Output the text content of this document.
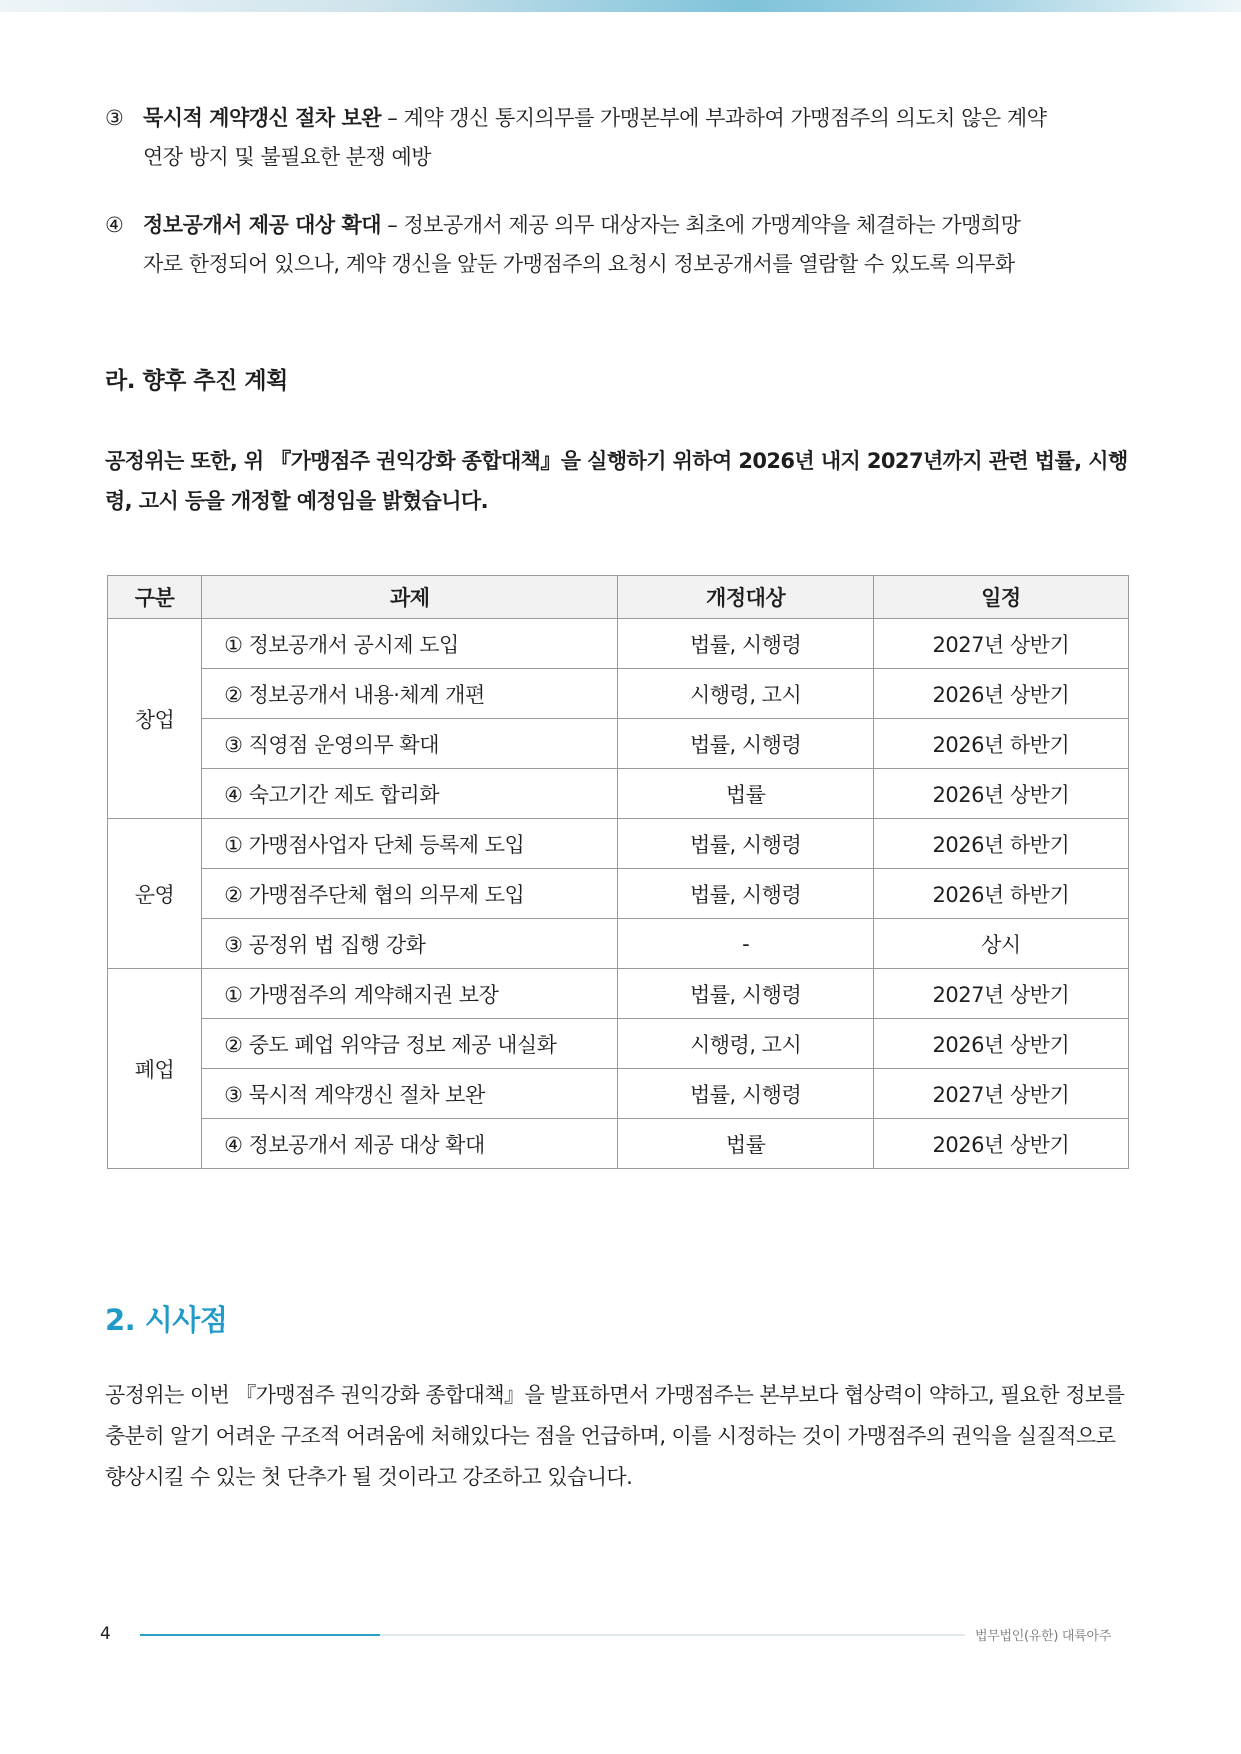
③ 묵시적 계약갱신 절차 보완 – 계약 갱신 통지의무를 가맹본부에 부과하여 가맹점주의 의도치 않은 계약
연장 방지 및 불필요한 분쟁 예방
④ 정보공개서 제공 대상 확대 – 정보공개서 제공 의무 대상자는 최초에 가맹계약을 체결하는 가맹희망
자로 한정되어 있으나, 계약 갱신을 앞둔 가맹점주의 요청시 정보공개서를 열람할 수 있도록 의무화
라. 향후 추진 계획
공정위는 또한, 위 『가맹점주 권익강화 종합대책』을 실행하기 위하여 2026년 내지 2027년까지 관련 법률, 시행령, 고시 등을 개정할 예정임을 밝혔습니다.
구분	과제	개정대상	일정
창업	① 정보공개서 공시제 도입	법률, 시행령	2027년 상반기
	② 정보공개서 내용·체계 개편	시행령, 고시	2026년 상반기
	③ 직영점 운영의무 확대	법률, 시행령	2026년 하반기
	④ 숙고기간 제도 합리화	법률	2026년 상반기
운영	① 가맹점사업자 단체 등록제 도입	법률, 시행령	2026년 하반기
	② 가맹점주단체 협의 의무제 도입	법률, 시행령	2026년 하반기
	③ 공정위 법 집행 강화	-	상시
폐업	① 가맹점주의 계약해지권 보장	법률, 시행령	2027년 상반기
	② 중도 폐업 위약금 정보 제공 내실화	시행령, 고시	2026년 상반기
	③ 묵시적 계약갱신 절차 보완	법률, 시행령	2027년 상반기
	④ 정보공개서 제공 대상 확대	법률	2026년 상반기
2. 시사점
공정위는 이번 『가맹점주 권익강화 종합대책』을 발표하면서 가맹점주는 본부보다 협상력이 약하고, 필요한 정보를 충분히 알기 어려운 구조적 어려움에 처해있다는 점을 언급하며, 이를 시정하는 것이 가맹점주의 권익을 실질적으로 향상시킬 수 있는 첫 단추가 될 것이라고 강조하고 있습니다.
4	법무법인(유한) 대륙아주
